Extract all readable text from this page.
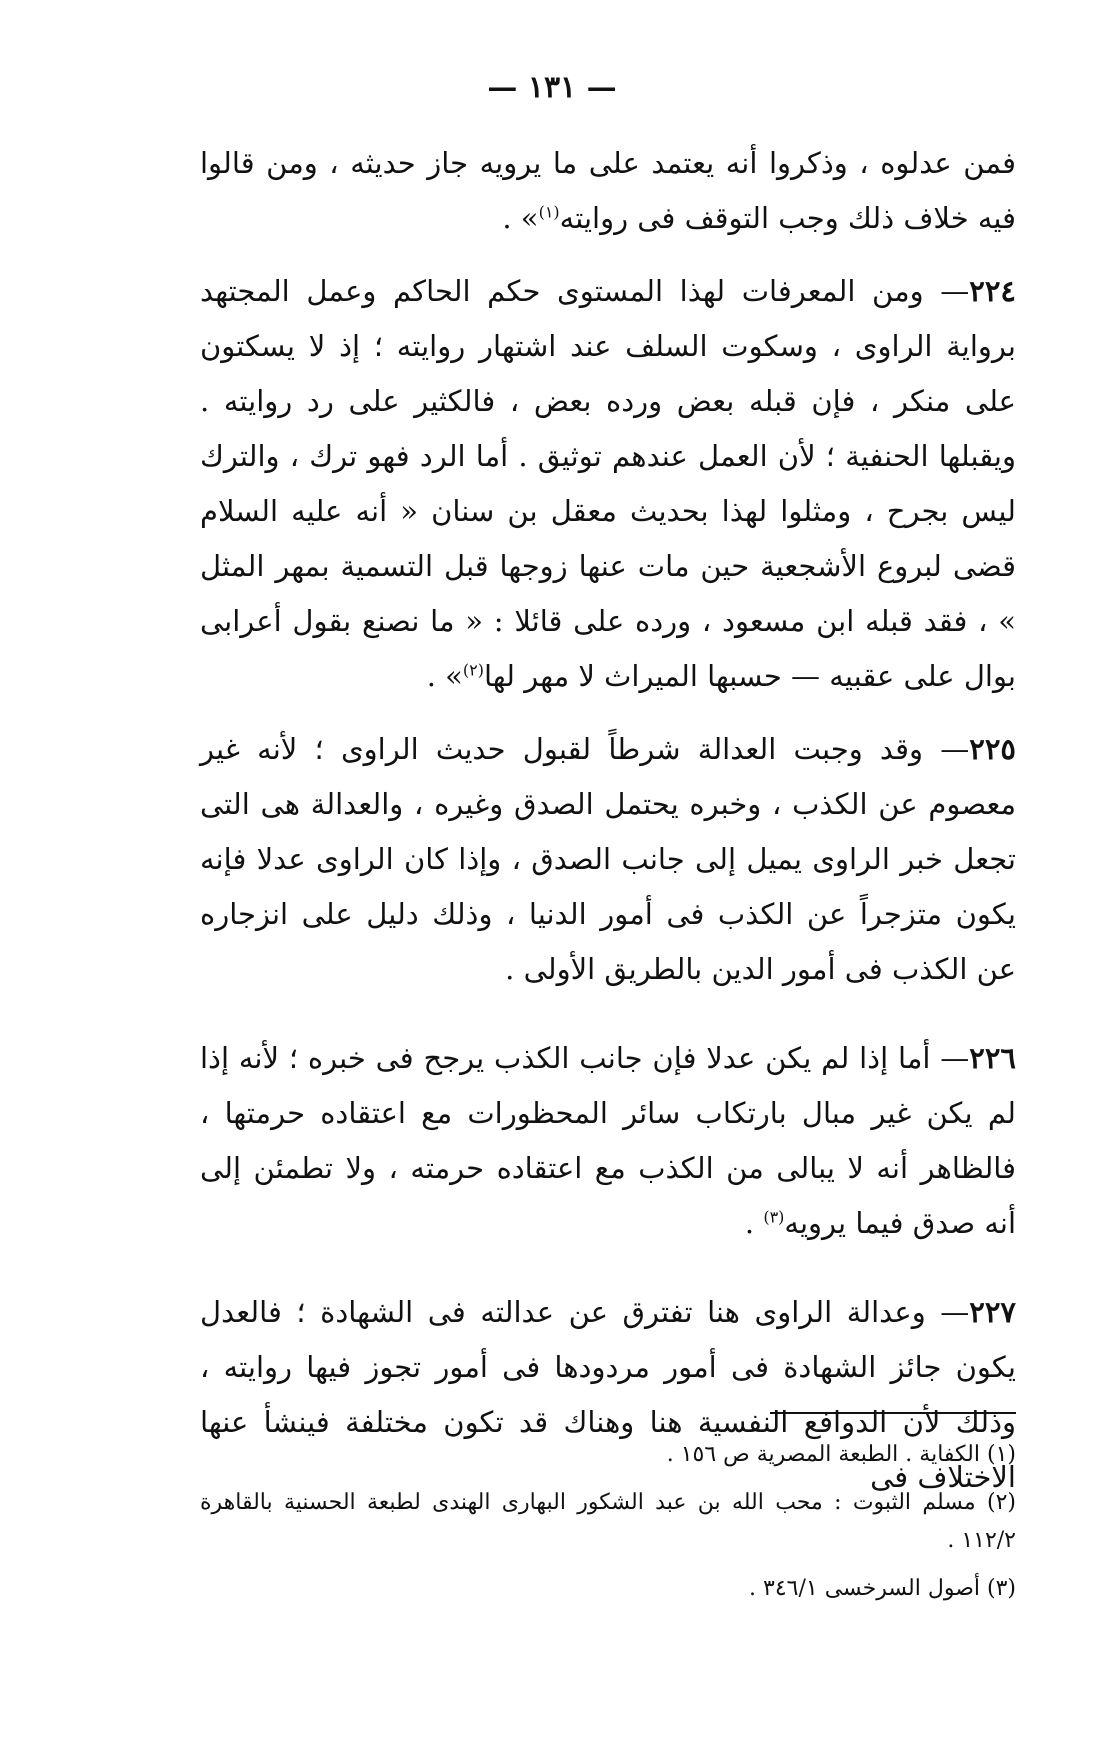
— ١٣١ —

فمن عدلوه ، وذكروا أنه يعتمد على ما يرويه جاز حديثه ، ومن قالوا فيه خلاف ذلك وجب التوقف فى روايته$^{(١)}$» .

٢٢٤— ومن المعرفات لهذا المستوى حكم الحاكم وعمل المجتهد برواية الراوى ، وسكوت السلف عند اشتهار روايته ؛ إذ لا يسكتون على منكر ، فإن قبله بعض ورده بعض ، فالكثير على رد روايته . ويقبلها الحنفية ؛ لأن العمل عندهم توثيق . أما الرد فهو ترك ، والترك ليس بجرح ، ومثلوا لهذا بحديث معقل بن سنان « أنه عليه السلام قضى لبروع الأشجعية حين مات عنها زوجها قبل التسمية بمهر المثل » ، فقد قبله ابن مسعود ، ورده على قائلا : « ما نصنع بقول أعرابى بوال على عقبيه — حسبها الميراث لا مهر لها$^{(٢)}$» .

٢٢٥— وقد وجبت العدالة شرطاً لقبول حديث الراوى ؛ لأنه غير معصوم عن الكذب ، وخبره يحتمل الصدق وغيره ، والعدالة هى التى تجعل خبر الراوى يميل إلى جانب الصدق ، وإذا كان الراوى عدلا فإنه يكون متزجراً عن الكذب فى أمور الدنيا ، وذلك دليل على انزجاره عن الكذب فى أمور الدين بالطريق الأولى .

٢٢٦— أما إذا لم يكن عدلا فإن جانب الكذب يرجح فى خبره ؛ لأنه إذا لم يكن غير مبال بارتكاب سائر المحظورات مع اعتقاده حرمتها ، فالظاهر أنه لا يبالى من الكذب مع اعتقاده حرمته ، ولا تطمئن إلى أنه صدق فيما يرويه$^{(٣)}$ .

٢٢٧— وعدالة الراوى هنا تفترق عن عدالته فى الشهادة ؛ فالعدل يكون جائز الشهادة فى أمور مردودها فى أمور تجوز فيها روايته ، وذلك لأن الدوافع النفسية هنا وهناك قد تكون مختلفة فينشأ عنها الاختلاف فى

(١) الكفاية . الطبعة المصرية ص ١٥٦ .

(٢) مسلم الثبوت : محب الله بن عبد الشكور البهارى الهندى لطبعة الحسنية بالقاهرة ١١٢/٢ .

(٣) أصول السرخسى ٣٤٦/١ .
